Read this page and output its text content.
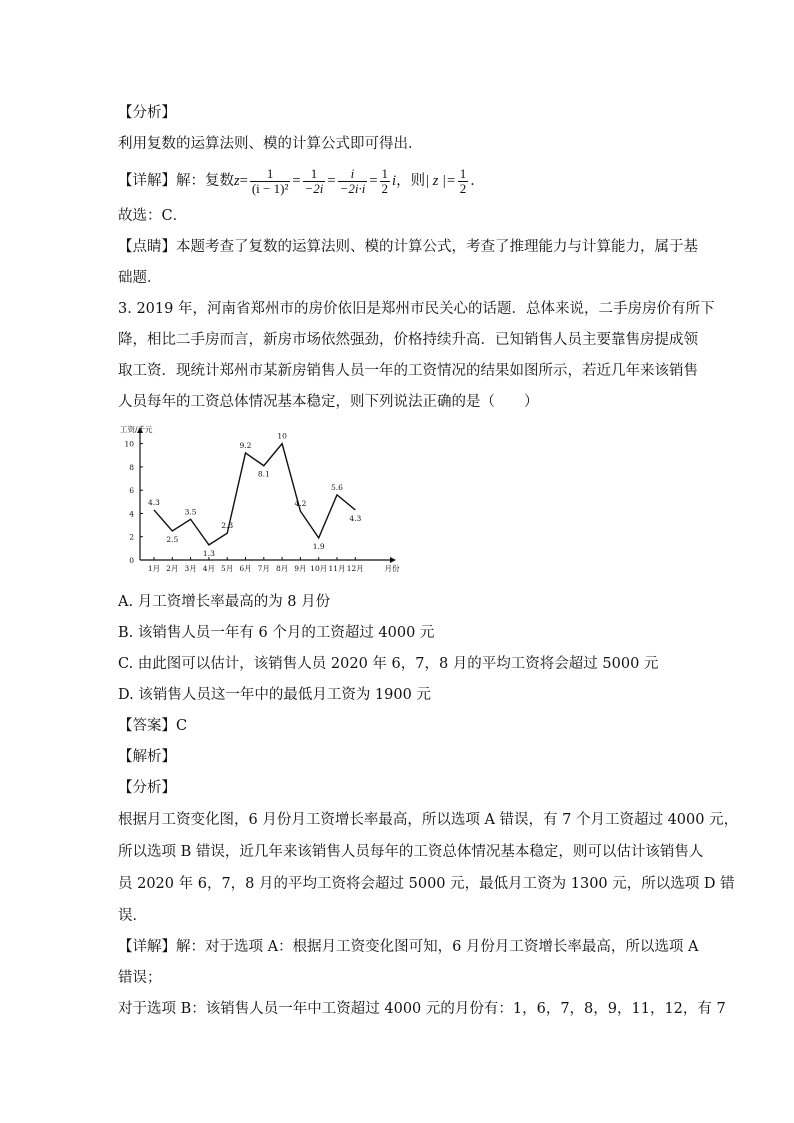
【分析】
利用复数的运算法则、模的计算公式即可得出．
【详解】解：复数 $z = \frac{1}{\text{(i − 1)²}} = \frac{1}{-2i} = \frac{i}{-2i\cdot i} = \frac{1}{2}$ i ，则 | z |= $\frac{1}{2}$ ．
故选：C．
【点睛】本题考查了复数的运算法则、模的计算公式，考查了推理能力与计算能力，属于基
础题．
3. 2019 年，河南省郑州市的房价依旧是郑州市民关心的话题．总体来说，二手房房价有所下
降，相比二手房而言，新房市场依然强劲，价格持续升高．已知销售人员主要靠售房提成领
取工资．现统计郑州市某新房销售人员一年的工资情况的结果如图所示，若近几年来该销售
人员每年的工资总体情况基本稳定，则下列说法正确的是（　　）
工资/千元
月份
0
2
4
6
8
10
1月 2月 3月 4月 5月 6月 7月 8月 9月 10月 11月 12月
4.3
2.5
3.5
1.3
2.3
9.2
8.1
10
4.2
1.9
5.6
4.3
A. 月工资增长率最高的为 8 月份
B. 该销售人员一年有 6 个月的工资超过 4000 元
C. 由此图可以估计，该销售人员 2020 年 6，7，8 月的平均工资将会超过 5000 元
D. 该销售人员这一年中的最低月工资为 1900 元
【答案】C
【解析】
【分析】
根据月工资变化图，6 月份月工资增长率最高，所以选项 A 错误，有 7 个月工资超过 4000 元，
所以选项 B 错误，近几年来该销售人员每年的工资总体情况基本稳定，则可以估计该销售人
员 2020 年 6，7，8 月的平均工资将会超过 5000 元，最低月工资为 1300 元，所以选项 D 错
误．
【详解】解：对于选项 A：根据月工资变化图可知，6 月份月工资增长率最高，所以选项 A
错误；
对于选项 B：该销售人员一年中工资超过 4000 元的月份有：1，6，7，8，9，11，12，有 7
